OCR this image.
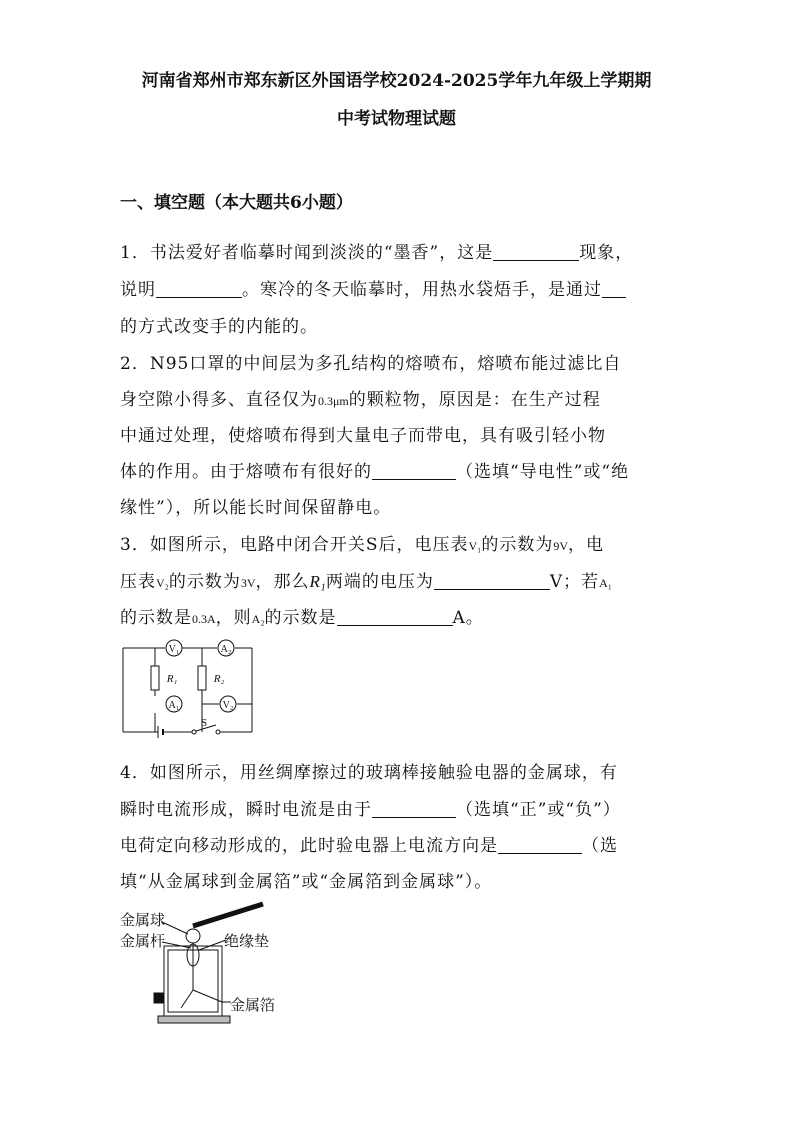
河南省郑州市郑东新区外国语学校2024-2025学年九年级上学期期
中考试物理试题
一、填空题（本大题共6小题）
1．书法爱好者临摹时闻到淡淡的“墨香”，这是	现象，
说明	。寒冷的冬天临摹时，用热水袋焐手，是通过
的方式改变手的内能的。
2．N95口罩的中间层为多孔结构的熔喷布，熔喷布能过滤比自
身空隙小得多、直径仅为0.3μm的颗粒物，原因是：在生产过程
中通过处理，使熔喷布得到大量电子而带电，具有吸引轻小物
体的作用。由于熔喷布有很好的	（选填“导电性”或“绝
缘性”），所以能长时间保留静电。
3．如图所示，电路中闭合开关S后，电压表V₁的示数为9V，电
压表V₂的示数为3V，那么R₁两端的电压为	V；若A₁
的示数是0.3A，则A₂的示数是	A。
V₁	A₂
A₁	V₂
R₁	R₂
S
4．如图所示，用丝绸摩擦过的玻璃棒接触验电器的金属球，有
瞬时电流形成，瞬时电流是由于	（选填“正”或“负”）
电荷定向移动形成的，此时验电器上电流方向是	（选
填“从金属球到金属箔”或“金属箔到金属球”）。
金属球
金属杆	绝缘垫
金属箔
